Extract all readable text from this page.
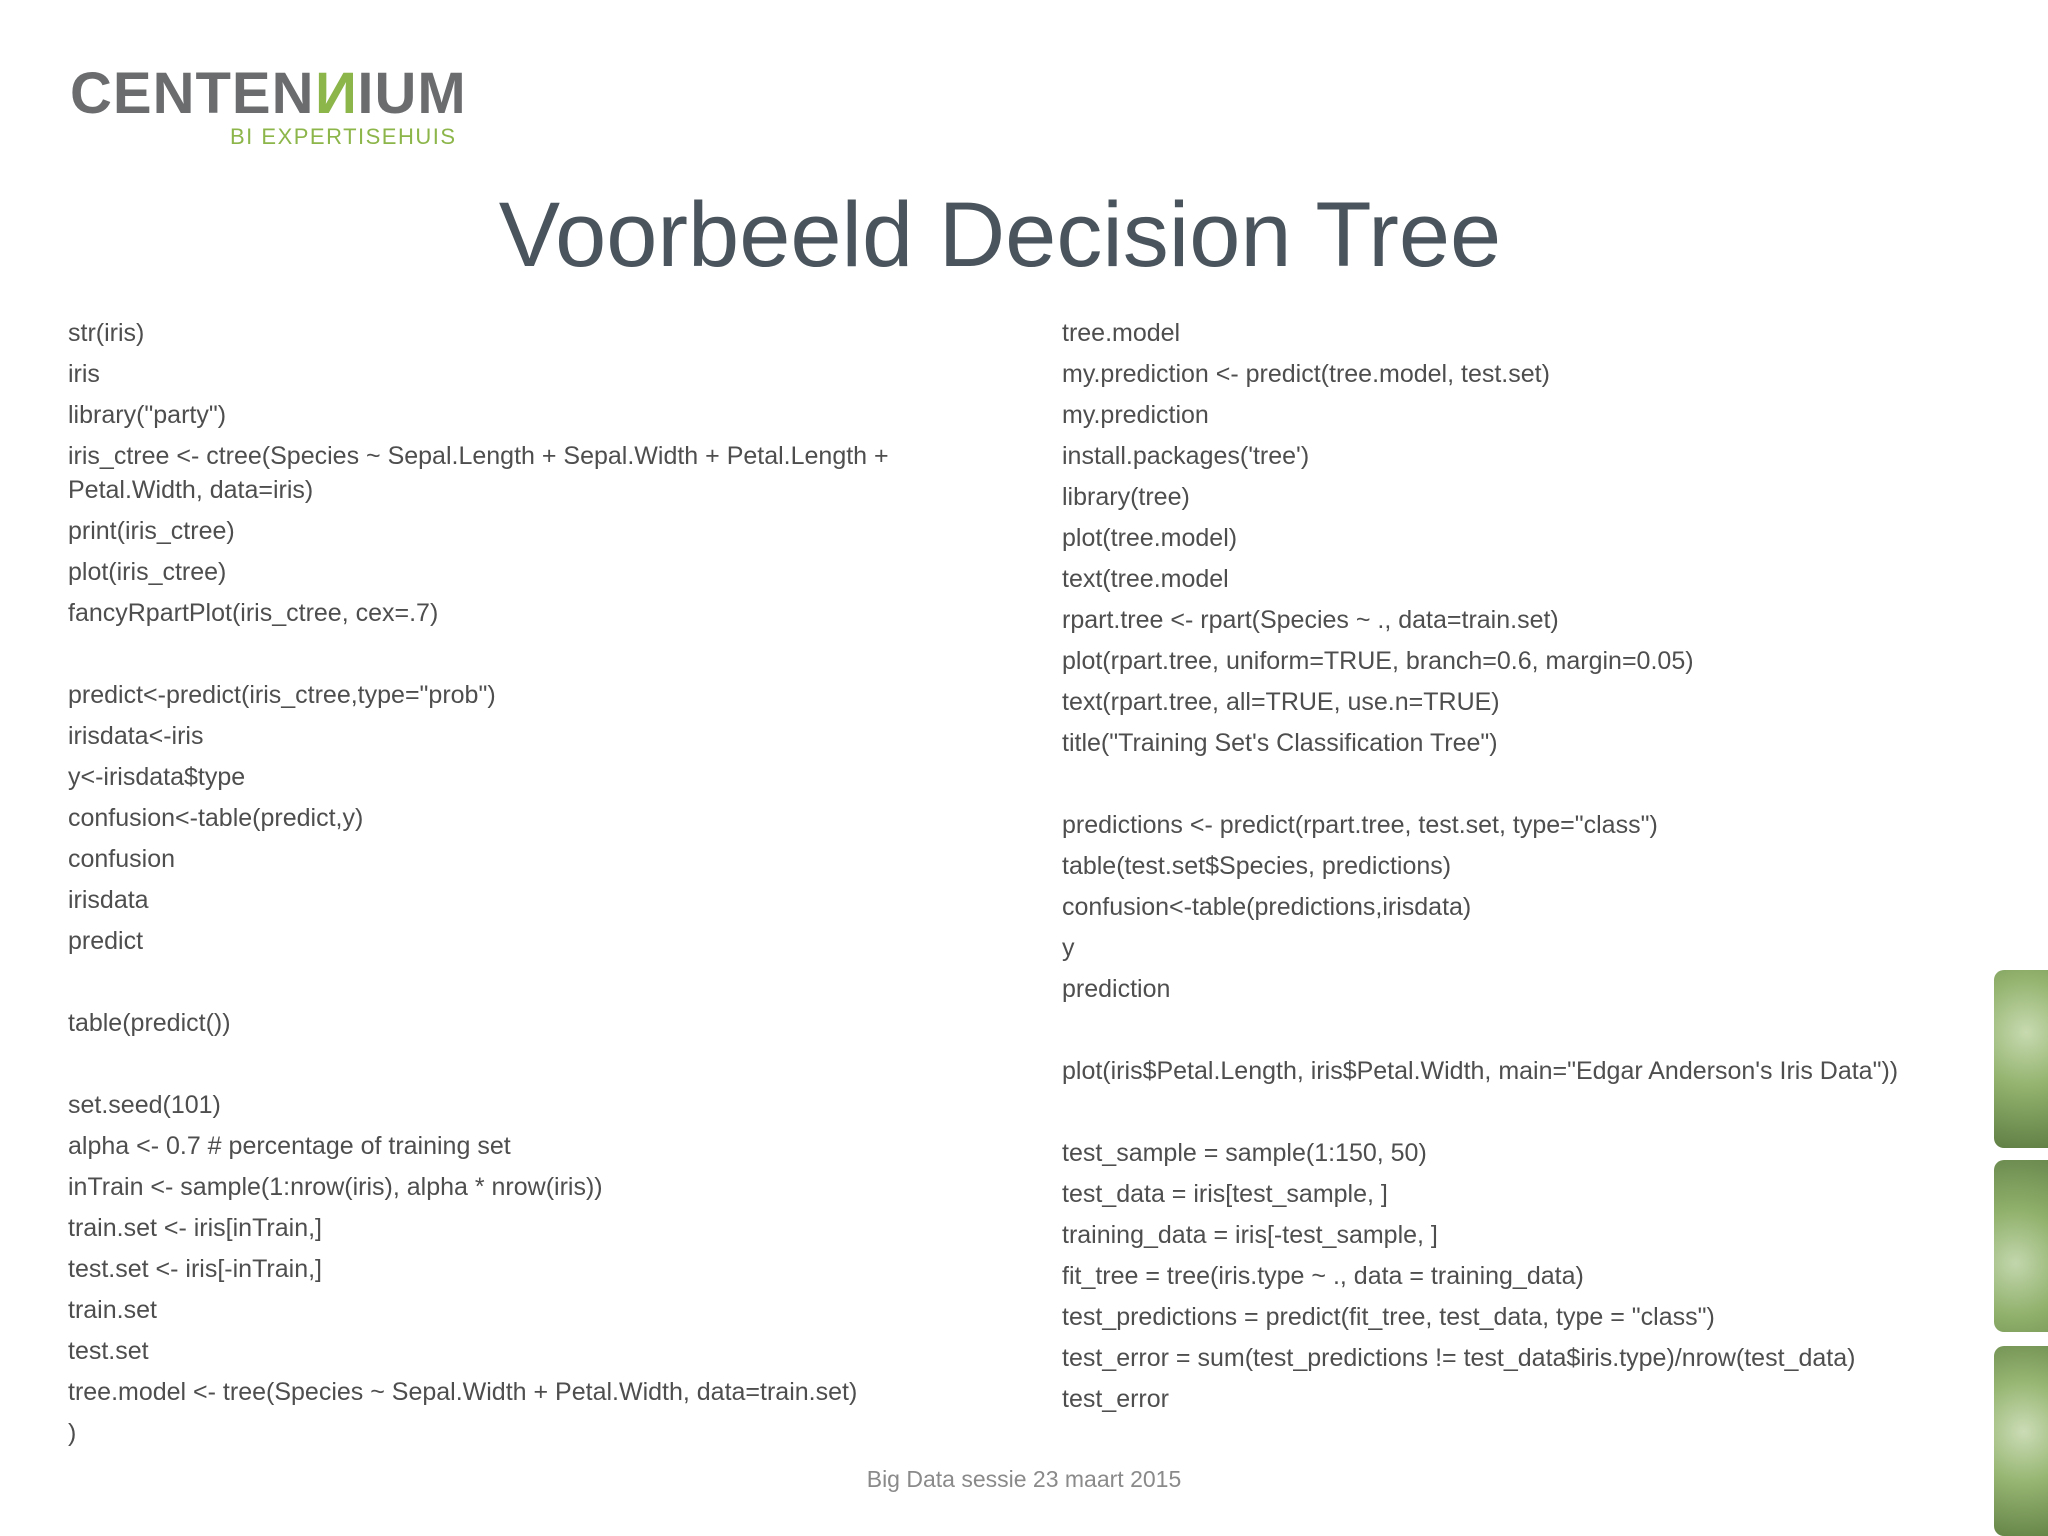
CENTENNIUM
BI EXPERTISEHUIS
Voorbeeld Decision Tree
str(iris)
iris
library("party")
iris_ctree <- ctree(Species ~ Sepal.Length + Sepal.Width + Petal.Length + Petal.Width, data=iris)
print(iris_ctree)
plot(iris_ctree)
fancyRpartPlot(iris_ctree, cex=.7)
predict<-predict(iris_ctree,type="prob")
irisdata<-iris
y<-irisdata$type
confusion<-table(predict,y)
confusion
irisdata
predict
table(predict())
set.seed(101)
alpha <- 0.7 # percentage of training set
inTrain <- sample(1:nrow(iris), alpha * nrow(iris))
train.set <- iris[inTrain,]
test.set <- iris[-inTrain,]
train.set
test.set
tree.model <- tree(Species ~ Sepal.Width + Petal.Width, data=train.set)
)
tree.model
my.prediction <- predict(tree.model, test.set)
my.prediction
install.packages('tree')
library(tree)
plot(tree.model)
text(tree.model
rpart.tree <- rpart(Species ~ ., data=train.set)
plot(rpart.tree, uniform=TRUE, branch=0.6, margin=0.05)
text(rpart.tree, all=TRUE, use.n=TRUE)
title("Training Set's Classification Tree")
predictions <- predict(rpart.tree, test.set, type="class")
table(test.set$Species, predictions)
confusion<-table(predictions,irisdata)
y
prediction
plot(iris$Petal.Length, iris$Petal.Width, main="Edgar Anderson's Iris Data"))
test_sample = sample(1:150, 50)
test_data = iris[test_sample, ]
training_data = iris[-test_sample, ]
fit_tree = tree(iris.type ~ ., data = training_data)
test_predictions = predict(fit_tree, test_data, type = "class")
test_error = sum(test_predictions != test_data$iris.type)/nrow(test_data)
test_error
Big Data sessie 23 maart 2015
